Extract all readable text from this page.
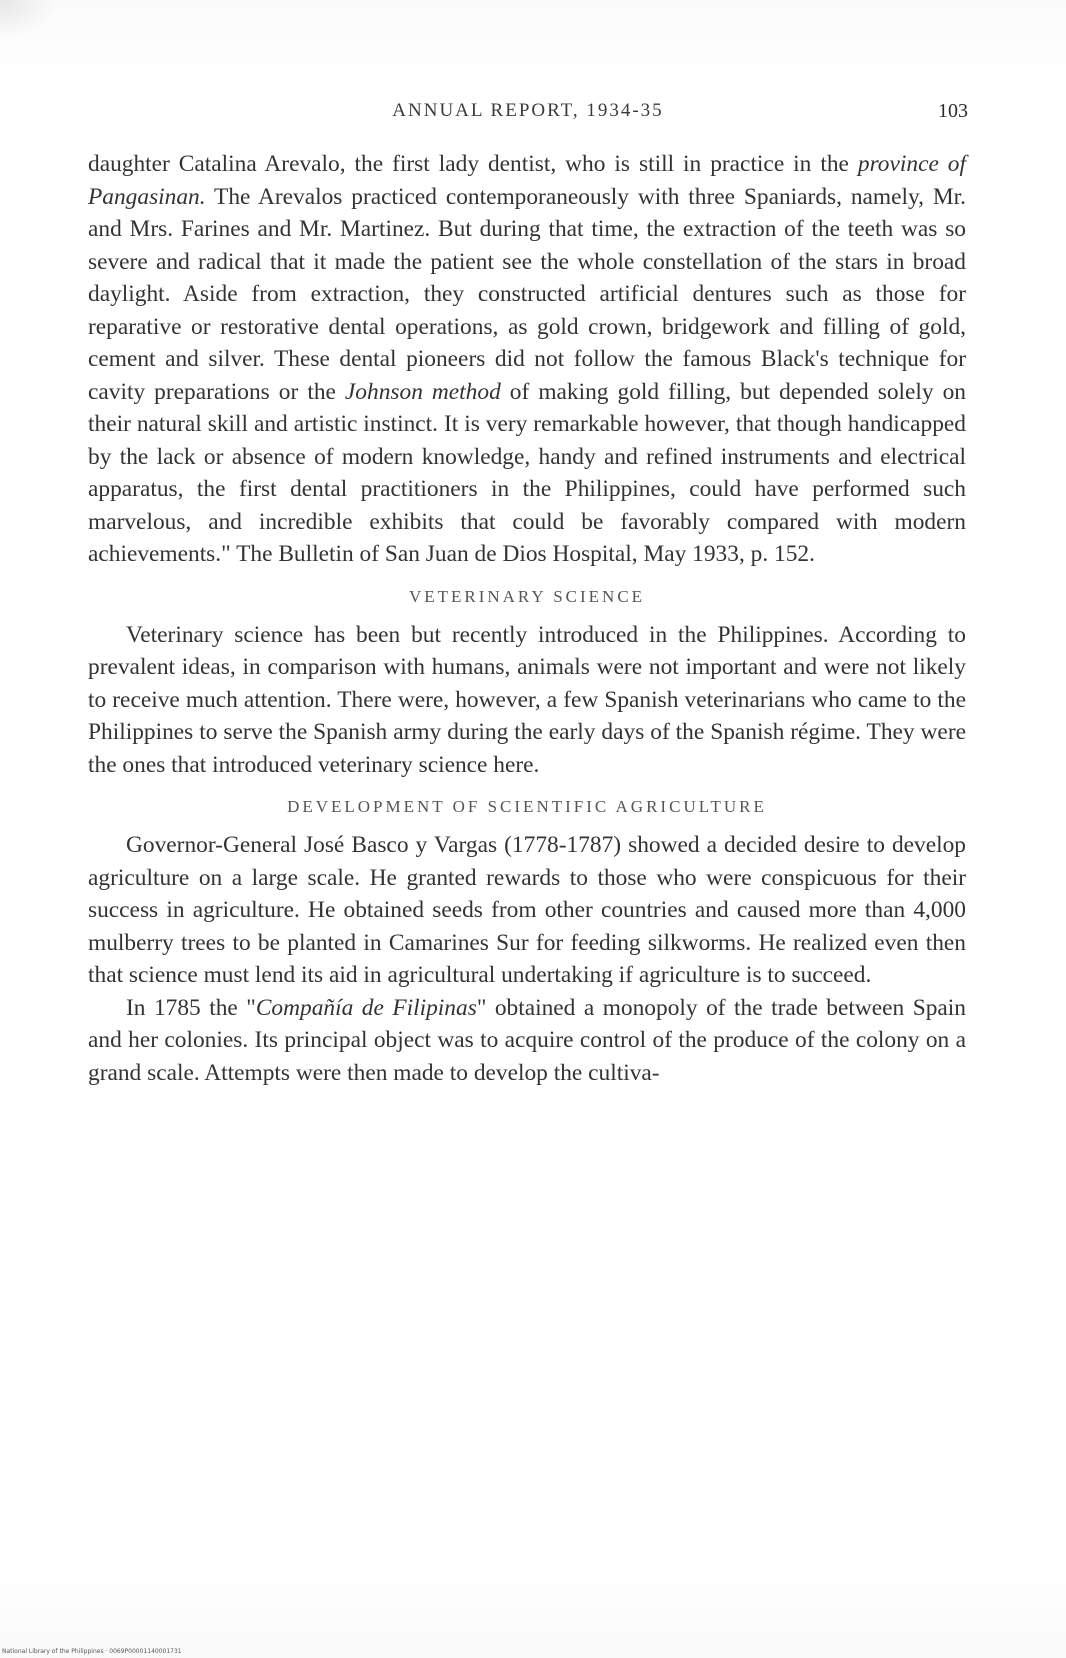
ANNUAL REPORT, 1934-35	103

daughter Catalina Arevalo, the first lady dentist, who is still in practice in the province of Pangasinan. The Arevalos practiced contemporaneously with three Spaniards, namely, Mr. and Mrs. Farines and Mr. Martinez. But during that time, the extraction of the teeth was so severe and radical that it made the patient see the whole constellation of the stars in broad daylight. Aside from extraction, they constructed artificial dentures such as those for reparative or restorative dental operations, as gold crown, bridgework and filling of gold, cement and silver. These dental pioneers did not follow the famous Black's technique for cavity preparations or the Johnson method of making gold filling, but depended solely on their natural skill and artistic instinct. It is very remarkable however, that though handicapped by the lack or absence of modern knowledge, handy and refined instruments and electrical apparatus, the first dental practitioners in the Philippines, could have performed such marvelous, and incredible exhibits that could be favorably compared with modern achievements." The Bulletin of San Juan de Dios Hospital, May 1933, p. 152.

VETERINARY SCIENCE

Veterinary science has been but recently introduced in the Philippines. According to prevalent ideas, in comparison with humans, animals were not important and were not likely to receive much attention. There were, however, a few Spanish veterinarians who came to the Philippines to serve the Spanish army during the early days of the Spanish régime. They were the ones that introduced veterinary science here.

DEVELOPMENT OF SCIENTIFIC AGRICULTURE

Governor-General José Basco y Vargas (1778-1787) showed a decided desire to develop agriculture on a large scale. He granted rewards to those who were conspicuous for their success in agriculture. He obtained seeds from other countries and caused more than 4,000 mulberry trees to be planted in Camarines Sur for feeding silkworms. He realized even then that science must lend its aid in agricultural undertaking if agriculture is to succeed.

In 1785 the "Compañía de Filipinas" obtained a monopoly of the trade between Spain and her colonies. Its principal object was to acquire control of the produce of the colony on a grand scale. Attempts were then made to develop the cultiva-

National Library of the Philippines · 0069P00001140001731
